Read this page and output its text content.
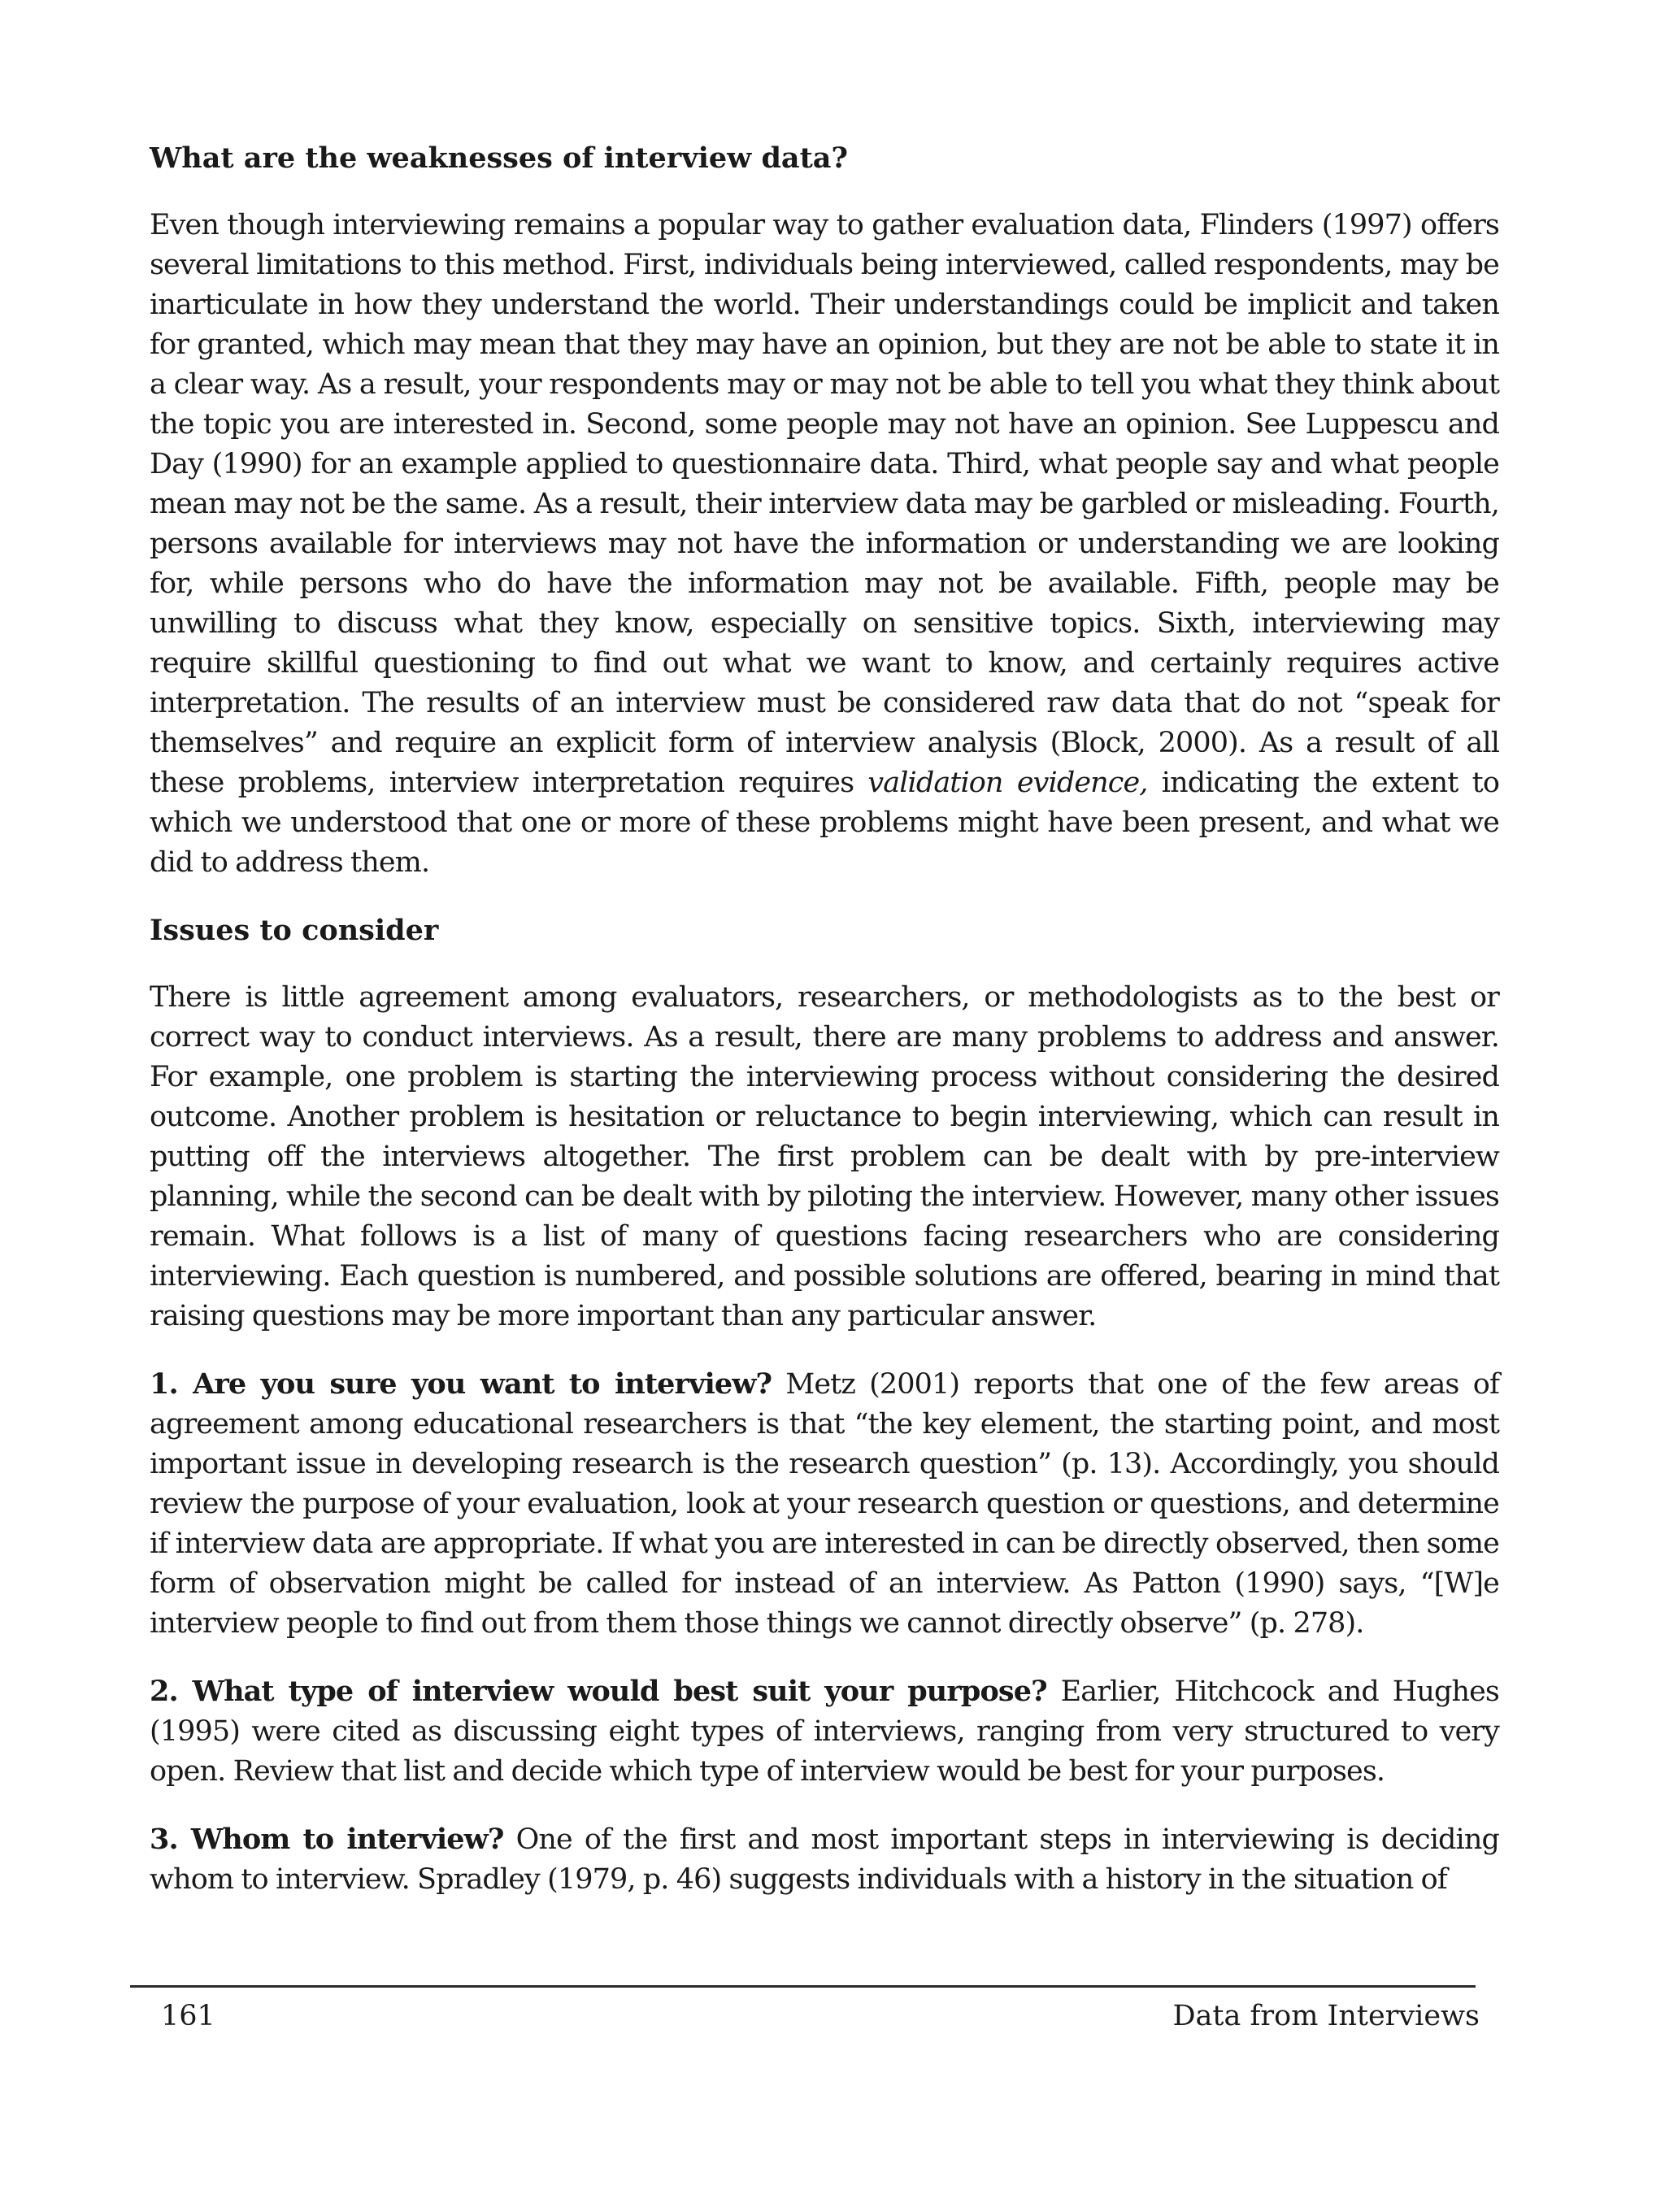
What are the weaknesses of interview data?

Even though interviewing remains a popular way to gather evaluation data, Flinders (1997) offers several limitations to this method. First, individuals being interviewed, called respondents, may be inarticulate in how they understand the world. Their understandings could be implicit and taken for granted, which may mean that they may have an opinion, but they are not be able to state it in a clear way. As a result, your respondents may or may not be able to tell you what they think about the topic you are interested in. Second, some people may not have an opinion. See Luppescu and Day (1990) for an example applied to questionnaire data. Third, what people say and what people mean may not be the same. As a result, their interview data may be garbled or misleading. Fourth, persons available for interviews may not have the information or understanding we are looking for, while persons who do have the information may not be available. Fifth, people may be unwilling to discuss what they know, especially on sensitive topics. Sixth, interviewing may require skillful questioning to find out what we want to know, and certainly requires active interpretation. The results of an interview must be considered raw data that do not “speak for themselves” and require an explicit form of interview analysis (Block, 2000). As a result of all these problems, interview interpretation requires validation evidence, indicating the extent to which we understood that one or more of these problems might have been present, and what we did to address them.

Issues to consider

There is little agreement among evaluators, researchers, or methodologists as to the best or correct way to conduct interviews. As a result, there are many problems to address and answer. For example, one problem is starting the interviewing process without considering the desired outcome. Another problem is hesitation or reluctance to begin interviewing, which can result in putting off the interviews altogether. The first problem can be dealt with by pre-interview planning, while the second can be dealt with by piloting the interview. However, many other issues remain. What follows is a list of many of questions facing researchers who are considering interviewing. Each question is numbered, and possible solutions are offered, bearing in mind that raising questions may be more important than any particular answer.

1. Are you sure you want to interview? Metz (2001) reports that one of the few areas of agreement among educational researchers is that “the key element, the starting point, and most important issue in developing research is the research question” (p. 13). Accordingly, you should review the purpose of your evaluation, look at your research question or questions, and determine if interview data are appropriate. If what you are interested in can be directly observed, then some form of observation might be called for instead of an interview. As Patton (1990) says, “[W]e interview people to find out from them those things we cannot directly observe” (p. 278).

2. What type of interview would best suit your purpose? Earlier, Hitchcock and Hughes (1995) were cited as discussing eight types of interviews, ranging from very structured to very open. Review that list and decide which type of interview would be best for your purposes.

3. Whom to interview? One of the first and most important steps in interviewing is deciding whom to interview. Spradley (1979, p. 46) suggests individuals with a history in the situation of

161	Data from Interviews
